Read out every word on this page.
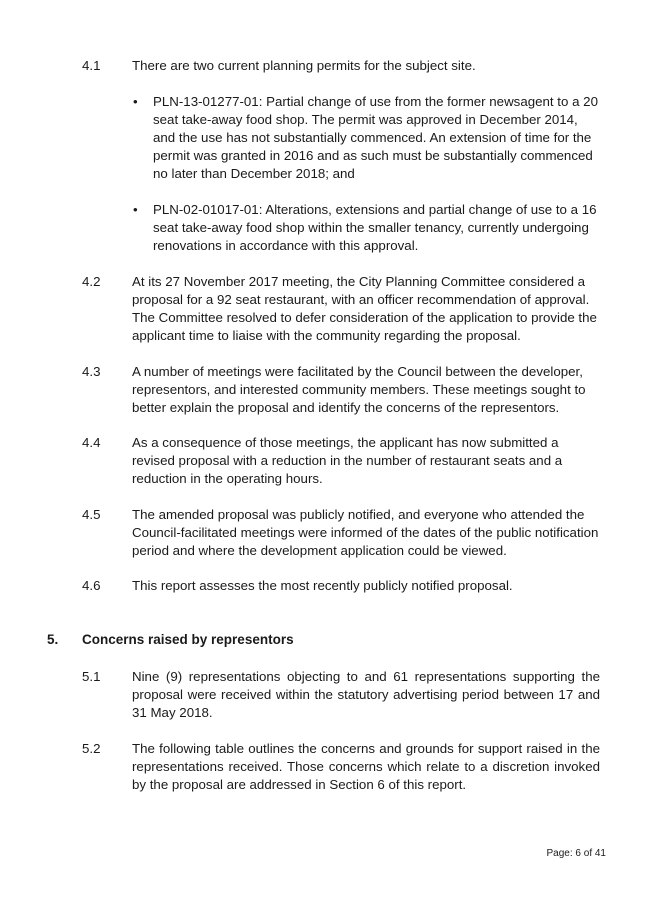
4.1 There are two current planning permits for the subject site.

• PLN-13-01277-01: Partial change of use from the former newsagent to a 20 seat take-away food shop. The permit was approved in December 2014, and the use has not substantially commenced. An extension of time for the permit was granted in 2016 and as such must be substantially commenced no later than December 2018; and

• PLN-02-01017-01: Alterations, extensions and partial change of use to a 16 seat take-away food shop within the smaller tenancy, currently undergoing renovations in accordance with this approval.

4.2 At its 27 November 2017 meeting, the City Planning Committee considered a proposal for a 92 seat restaurant, with an officer recommendation of approval. The Committee resolved to defer consideration of the application to provide the applicant time to liaise with the community regarding the proposal.

4.3 A number of meetings were facilitated by the Council between the developer, representors, and interested community members. These meetings sought to better explain the proposal and identify the concerns of the representors.

4.4 As a consequence of those meetings, the applicant has now submitted a revised proposal with a reduction in the number of restaurant seats and a reduction in the operating hours.

4.5 The amended proposal was publicly notified, and everyone who attended the Council-facilitated meetings were informed of the dates of the public notification period and where the development application could be viewed.

4.6 This report assesses the most recently publicly notified proposal.

5. Concerns raised by representors
5.1 Nine (9) representations objecting to and 61 representations supporting the proposal were received within the statutory advertising period between 17 and 31 May 2018.

5.2 The following table outlines the concerns and grounds for support raised in the representations received. Those concerns which relate to a discretion invoked by the proposal are addressed in Section 6 of this report.

Page: 6 of 41
